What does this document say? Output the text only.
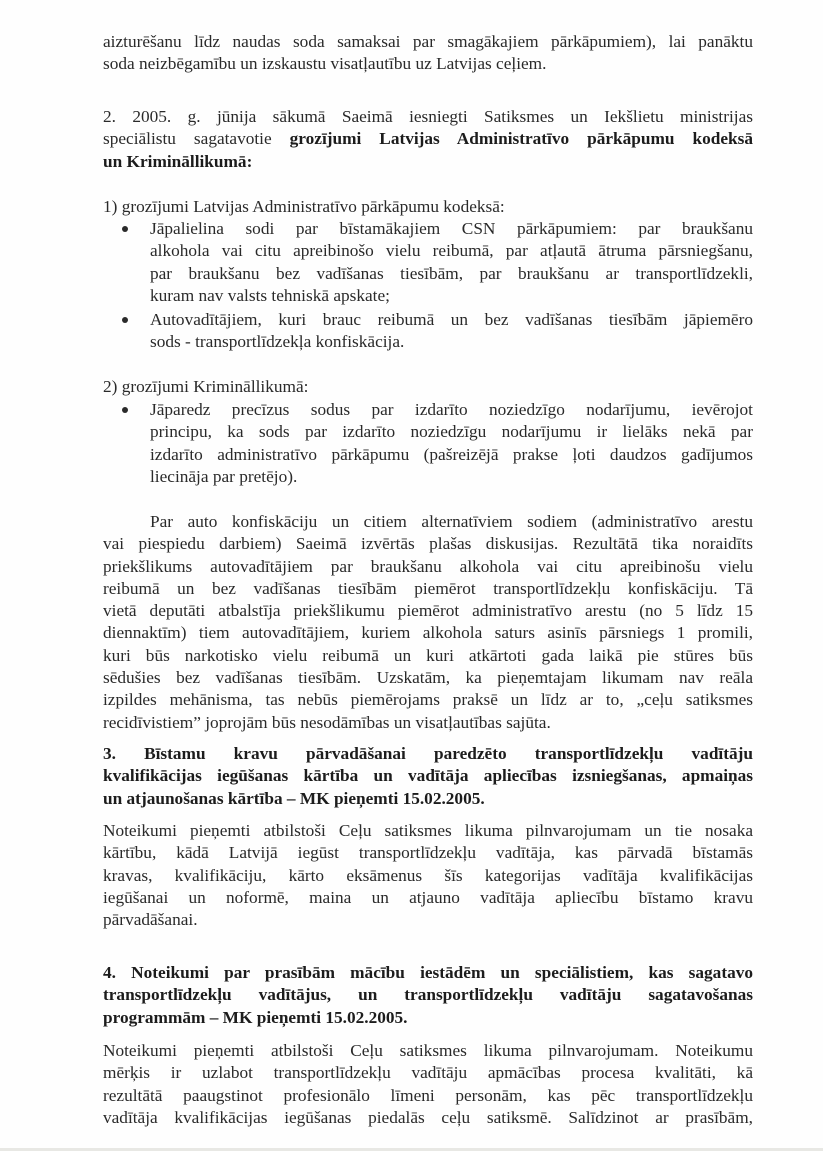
aizturēšanu līdz naudas soda samaksai par smagākajiem pārkāpumiem), lai panāktu
soda neizbēgamību un izskaustu visatļautību uz Latvijas ceļiem.
2. 2005. g. jūnija sākumā Saeimā iesniegti Satiksmes un Iekšlietu ministrijas
speciālistu sagatavotie grozījumi Latvijas Administratīvo pārkāpumu kodeksā
un Krimināllikumā:
1) grozījumi Latvijas Administratīvo pārkāpumu kodeksā:
Jāpalielina sodi par bīstamākajiem CSN pārkāpumiem: par braukšanu
alkohola vai citu apreibinošo vielu reibumā, par atļautā ātruma pārsniegšanu,
par braukšanu bez vadīšanas tiesībām, par braukšanu ar transportlīdzekli,
kuram nav valsts tehniskā apskate;
Autovadītājiem, kuri brauc reibumā un bez vadīšanas tiesībām jāpiemēro
sods - transportlīdzekļa konfiskācija.
2) grozījumi Krimināllikumā:
Jāparedz precīzus sodus par izdarīto noziedzīgo nodarījumu, ievērojot
principu, ka sods par izdarīto noziedzīgu nodarījumu ir lielāks nekā par
izdarīto administratīvo pārkāpumu (pašreizējā prakse ļoti daudzos gadījumos
liecināja par pretējo).
Par auto konfiskāciju un citiem alternatīviem sodiem (administratīvo arestu
vai piespiedu darbiem) Saeimā izvērtās plašas diskusijas. Rezultātā tika noraidīts
priekšlikums autovadītājiem par braukšanu alkohola vai citu apreibinošu vielu
reibumā un bez vadīšanas tiesībām piemērot transportlīdzekļu konfiskāciju. Tā
vietā deputāti atbalstīja priekšlikumu piemērot administratīvo arestu (no 5 līdz 15
diennaktīm) tiem autovadītājiem, kuriem alkohola saturs asinīs pārsniegs 1 promili,
kuri būs narkotisko vielu reibumā un kuri atkārtoti gada laikā pie stūres būs
sēdušies bez vadīšanas tiesībām. Uzskatām, ka pieņemtajam likumam nav reāla
izpildes mehānisma, tas nebūs piemērojams praksē un līdz ar to, „ceļu satiksmes
recidīvistiem” joprojām būs nesodāmības un visatļautības sajūta.
3. Bīstamu kravu pārvadāšanai paredzēto transportlīdzekļu vadītāju
kvalifikācijas iegūšanas kārtība un vadītāja apliecības izsniegšanas, apmaiņas
un atjaunošanas kārtība – MK pieņemti 15.02.2005.
Noteikumi pieņemti atbilstoši Ceļu satiksmes likuma pilnvarojumam un tie nosaka
kārtību, kādā Latvijā iegūst transportlīdzekļu vadītāja, kas pārvadā bīstamās
kravas, kvalifikāciju, kārto eksāmenus šīs kategorijas vadītāja kvalifikācijas
iegūšanai un noformē, maina un atjauno vadītāja apliecību bīstamo kravu
pārvadāšanai.
4. Noteikumi par prasībām mācību iestādēm un speciālistiem, kas sagatavo
transportlīdzekļu vadītājus, un transportlīdzekļu vadītāju sagatavošanas
programmām – MK pieņemti 15.02.2005.
Noteikumi pieņemti atbilstoši Ceļu satiksmes likuma pilnvarojumam. Noteikumu
mērķis ir uzlabot transportlīdzekļu vadītāju apmācības procesa kvalitāti, kā
rezultātā paaugstinot profesionālo līmeni personām, kas pēc transportlīdzekļu
vadītāja kvalifikācijas iegūšanas piedalās ceļu satiksmē. Salīdzinot ar prasībām,
